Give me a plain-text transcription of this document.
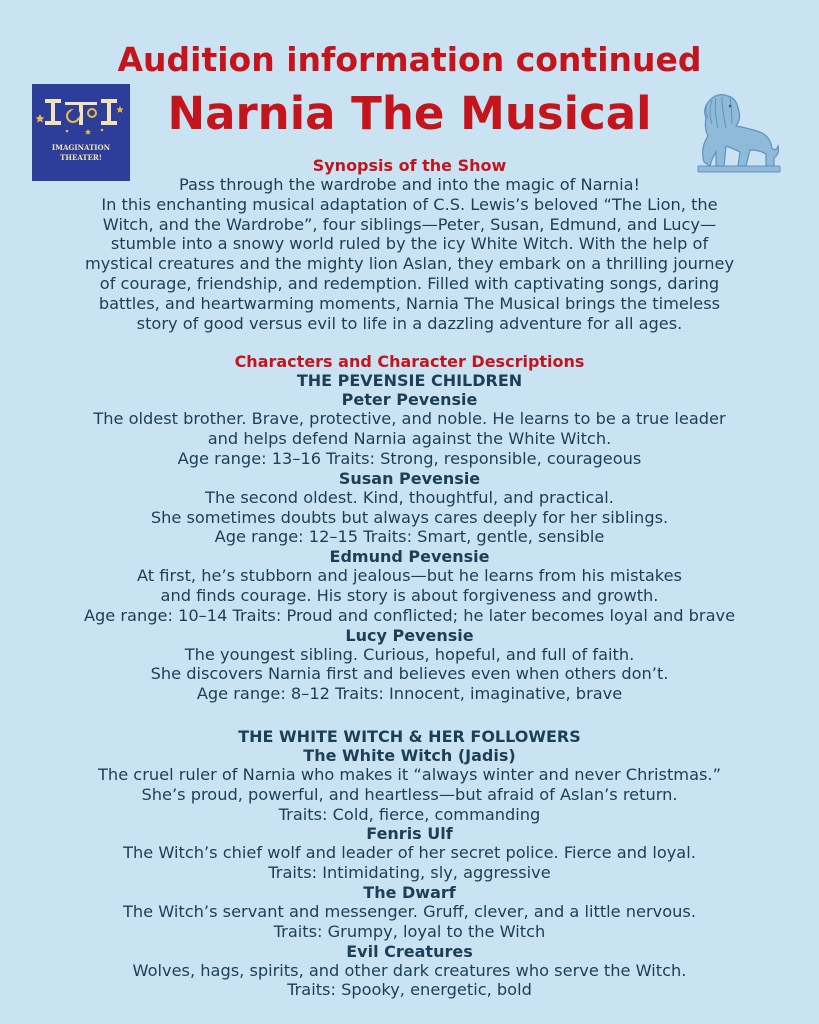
Audition information continued
Narnia The Musical
IMAGINATION
THEATER!	Synopsis of the Show
Pass through the wardrobe and into the magic of Narnia!
In this enchanting musical adaptation of C.S. Lewis’s beloved “The Lion, the
Witch, and the Wardrobe”, four siblings—Peter, Susan, Edmund, and Lucy—
stumble into a snowy world ruled by the icy White Witch. With the help of
mystical creatures and the mighty lion Aslan, they embark on a thrilling journey
of courage, friendship, and redemption. Filled with captivating songs, daring
battles, and heartwarming moments, Narnia The Musical brings the timeless
story of good versus evil to life in a dazzling adventure for all ages.
Characters and Character Descriptions
THE PEVENSIE CHILDREN
Peter Pevensie
The oldest brother. Brave, protective, and noble. He learns to be a true leader
and helps defend Narnia against the White Witch.
Age range: 13–16 Traits: Strong, responsible, courageous
Susan Pevensie
The second oldest. Kind, thoughtful, and practical.
She sometimes doubts but always cares deeply for her siblings.
Age range: 12–15 Traits: Smart, gentle, sensible
Edmund Pevensie
At first, he’s stubborn and jealous—but he learns from his mistakes
and finds courage. His story is about forgiveness and growth.
Age range: 10–14 Traits: Proud and conflicted; he later becomes loyal and brave
Lucy Pevensie
The youngest sibling. Curious, hopeful, and full of faith.
She discovers Narnia first and believes even when others don’t.
Age range: 8–12 Traits: Innocent, imaginative, brave
THE WHITE WITCH & HER FOLLOWERS
The White Witch (Jadis)
The cruel ruler of Narnia who makes it “always winter and never Christmas.”
She’s proud, powerful, and heartless—but afraid of Aslan’s return.
Traits: Cold, fierce, commanding
Fenris Ulf
The Witch’s chief wolf and leader of her secret police. Fierce and loyal.
Traits: Intimidating, sly, aggressive
The Dwarf
The Witch’s servant and messenger. Gruff, clever, and a little nervous.
Traits: Grumpy, loyal to the Witch
Evil Creatures
Wolves, hags, spirits, and other dark creatures who serve the Witch.
Traits: Spooky, energetic, bold
